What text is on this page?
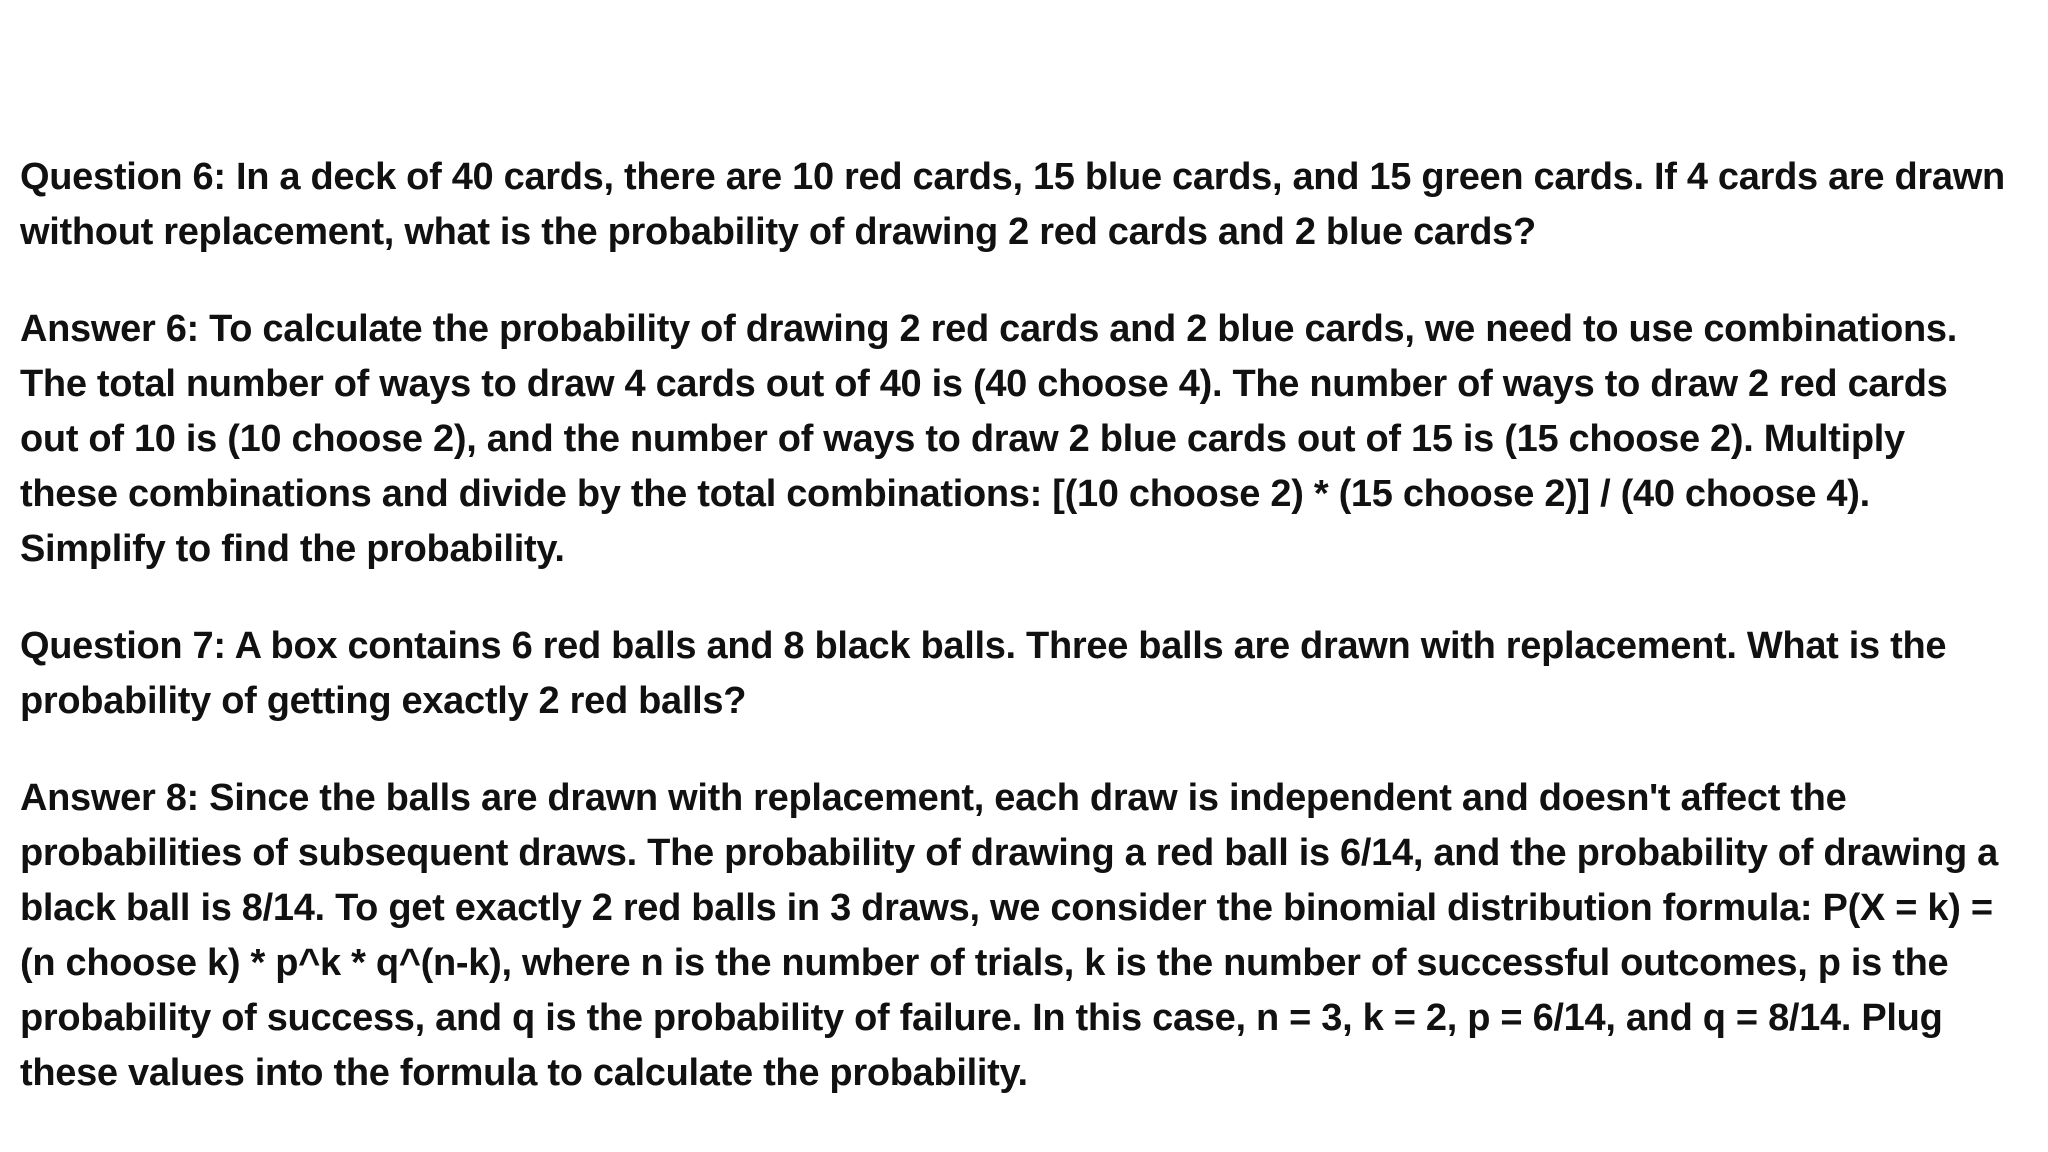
Question 6: In a deck of 40 cards, there are 10 red cards, 15 blue cards, and 15 green cards. If 4 cards are drawn
without replacement, what is the probability of drawing 2 red cards and 2 blue cards?

Answer 6: To calculate the probability of drawing 2 red cards and 2 blue cards, we need to use combinations.
The total number of ways to draw 4 cards out of 40 is (40 choose 4). The number of ways to draw 2 red cards
out of 10 is (10 choose 2), and the number of ways to draw 2 blue cards out of 15 is (15 choose 2). Multiply
these combinations and divide by the total combinations: [(10 choose 2) * (15 choose 2)] / (40 choose 4).
Simplify to find the probability.

Question 7: A box contains 6 red balls and 8 black balls. Three balls are drawn with replacement. What is the
probability of getting exactly 2 red balls?

Answer 8: Since the balls are drawn with replacement, each draw is independent and doesn't affect the
probabilities of subsequent draws. The probability of drawing a red ball is 6/14, and the probability of drawing a
black ball is 8/14. To get exactly 2 red balls in 3 draws, we consider the binomial distribution formula: P(X = k) =
(n choose k) * p^k * q^(n-k), where n is the number of trials, k is the number of successful outcomes, p is the
probability of success, and q is the probability of failure. In this case, n = 3, k = 2, p = 6/14, and q = 8/14. Plug
these values into the formula to calculate the probability.
